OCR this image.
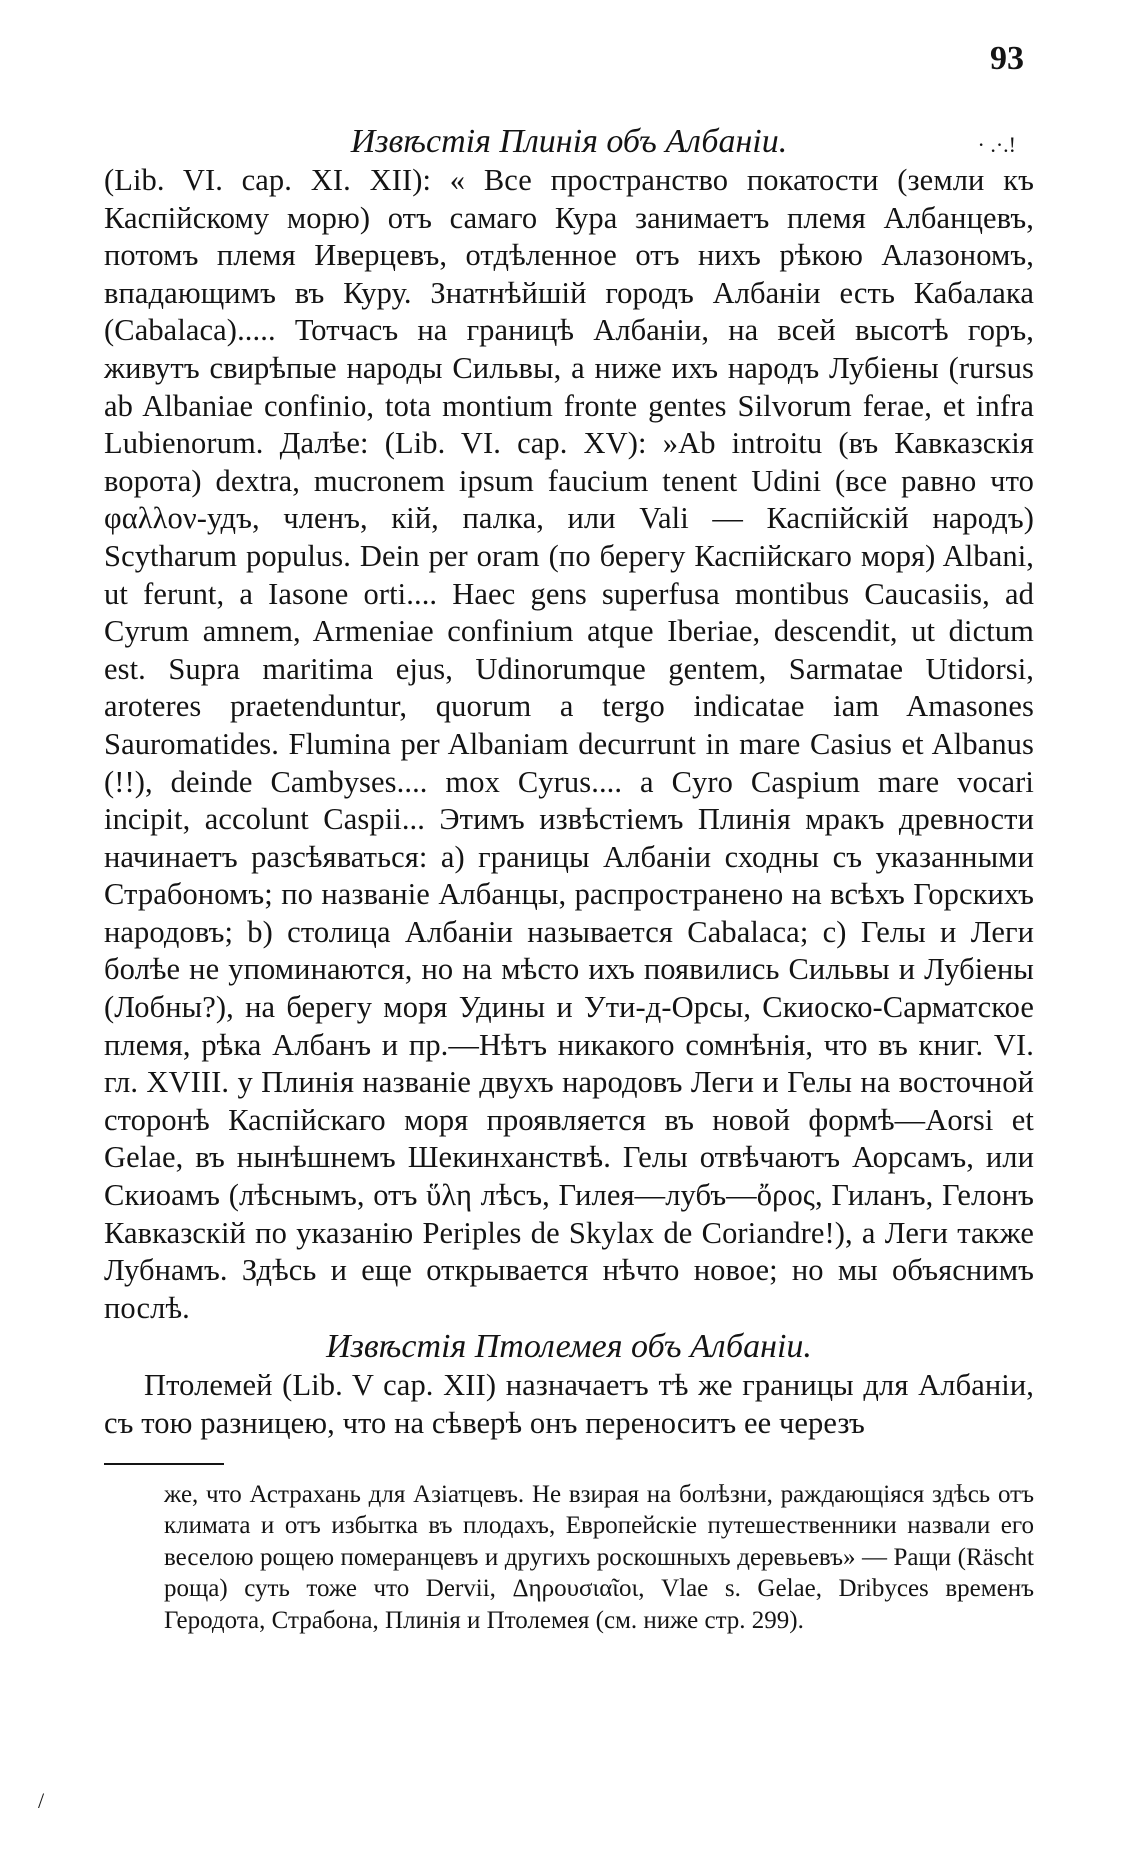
93
· .·.!
Извѣстія Плинія объ Албаніи.

(Lib. VI. cap. XI. XII): « Все пространство покатости (земли къ Каспійскому морю) отъ самаго Кура занимаетъ племя Албанцевъ, потомъ племя Иверцевъ, отдѣленное отъ нихъ рѣкою Алазономъ, впадающимъ въ Куру. Знатнѣйшій городъ Албаніи есть Кабалака (Cabalaca)..... Тотчасъ на границѣ Албаніи, на всей высотѣ горъ, живутъ свирѣпые народы Сильвы, а ниже ихъ народъ Лубіены (rursus ab Albaniae confinio, tota montium fronte gentes Silvorum ferae, et infra Lubienorum. Далѣе: (Lib. VI. cap. XV): »Ab introitu (въ Кавказскія ворота) dextra, mucronem ipsum faucium tenent Udini (все равно что φαλλον-удъ, членъ, кій, палка, или Vali — Каспійскій народъ) Scytharum populus. Dein per oram (по берегу Каспійскаго моря) Albani, ut ferunt, a Iasone orti.... Haec gens superfusa montibus Caucasiis, ad Cyrum amnem, Armeniae confinium atque Iberiae, descendit, ut dictum est. Supra maritima ejus, Udinorumque gentem, Sarmatae Utidorsi, aroteres praetenduntur, quorum a tergo indicatae iam Amasones Sauromatides. Flumina per Albaniam decurrunt in mare Casius et Albanus (!!), deinde Cambyses.... mox Cyrus.... a Cyro Caspium mare vocari incipit, accolunt Caspii... Этимъ извѣстіемъ Плинія мракъ древности начинаетъ разсѣяваться: а) границы Албаніи сходны съ указанными Страбономъ; по названіе Албанцы, распространено на всѣхъ Горскихъ народовъ; b) столица Албаніи называется Cabalaca; c) Гелы и Леги болѣе не упоминаются, но на мѣсто ихъ появились Сильвы и Лубіены (Лобны?), на берегу моря Удины и Ути-д-Орсы, Скиоско-Сарматское племя, рѣка Албанъ и пр.—Нѣтъ никакого сомнѣнія, что въ книг. VI. гл. XVIII. у Плинія названіе двухъ народовъ Леги и Гелы на восточной сторонѣ Каспійскаго моря проявляется въ новой формѣ—Aorsi et Gelae, въ нынѣшнемъ Шекинханствѣ. Гелы отвѣчаютъ Аорсамъ, или Скиоамъ (лѣснымъ, отъ ὕλη лѣсъ, Гилея—лубъ—ὄρος, Гиланъ, Гелонъ Кавказскій по указанію Periples de Skylax de Coriandre!), а Леги также Лубнамъ. Здѣсь и еще открывается нѣчто новое; но мы объяснимъ послѣ.

Извѣстія Птолемея объ Албаніи.

Птолемей (Lib. V cap. XII) назначаетъ тѣ же границы для Албаніи, съ тою разницею, что на сѣверѣ онъ переноситъ ее черезъ

же, что Астрахань для Азіатцевъ. Не взирая на болѣзни, раждающіяся здѣсь отъ климата и отъ избытка въ плодахъ, Европейскіе путешественники назвали его веселою рощею померанцевъ и другихъ роскошныхъ деревьевъ» — Ращи (Räscht роща) суть тоже что Dervii, Δηρουσιαῖοι, Vlae s. Gelae, Dribyces временъ Геродота, Страбона, Плинія и Птолемея (см. ниже стр. 299).

/
